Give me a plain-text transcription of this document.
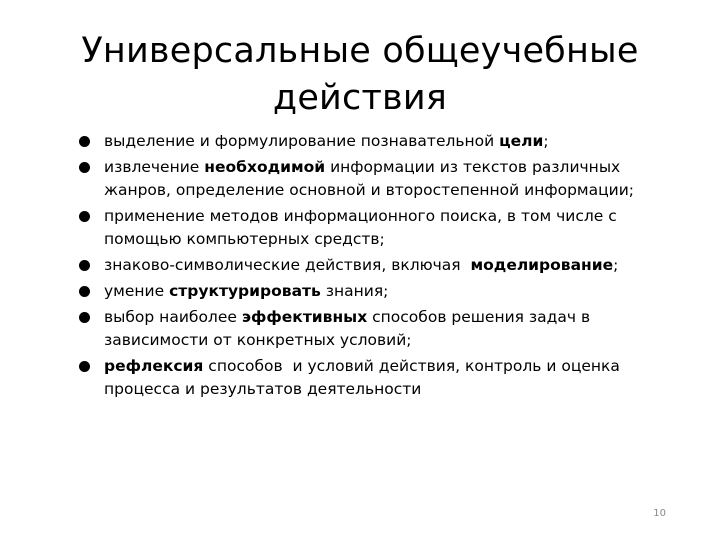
Универсальные общеучебные
действия
выделение и формулирование познавательной цели;
извлечение необходимой информации из текстов различных жанров, определение основной и второстепенной информации;
применение методов информационного поиска, в том числе с помощью компьютерных средств;
знаково-символические действия, включая  моделирование;
умение структурировать знания;
выбор наиболее эффективных способов решения задач в зависимости от конкретных условий;
рефлексия способов  и условий действия, контроль и оценка процесса и результатов деятельности
10
